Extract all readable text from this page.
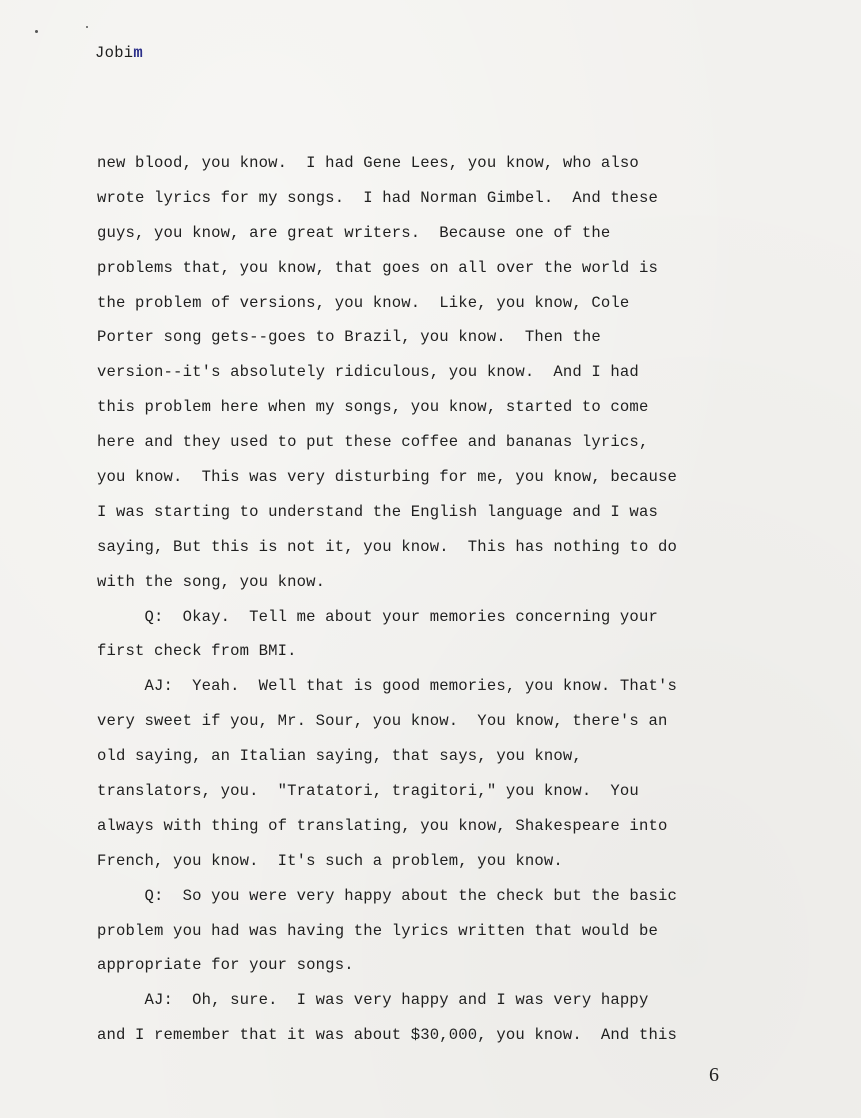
Jobim
new blood, you know.  I had Gene Lees, you know, who also
wrote lyrics for my songs.  I had Norman Gimbel.  And these
guys, you know, are great writers.  Because one of the
problems that, you know, that goes on all over the world is
the problem of versions, you know.  Like, you know, Cole
Porter song gets--goes to Brazil, you know.  Then the
version--it's absolutely ridiculous, you know.  And I had
this problem here when my songs, you know, started to come
here and they used to put these coffee and bananas lyrics,
you know.  This was very disturbing for me, you know, because
I was starting to understand the English language and I was
saying, But this is not it, you know.  This has nothing to do
with the song, you know.
Q:  Okay.  Tell me about your memories concerning your
first check from BMI.
AJ:  Yeah.  Well that is good memories, you know. That's
very sweet if you, Mr. Sour, you know.  You know, there's an
old saying, an Italian saying, that says, you know,
translators, you.  "Tratatori, tragitori," you know.  You
always with thing of translating, you know, Shakespeare into
French, you know.  It's such a problem, you know.
Q:  So you were very happy about the check but the basic
problem you had was having the lyrics written that would be
appropriate for your songs.
AJ:  Oh, sure.  I was very happy and I was very happy
and I remember that it was about $30,000, you know.  And this
6
